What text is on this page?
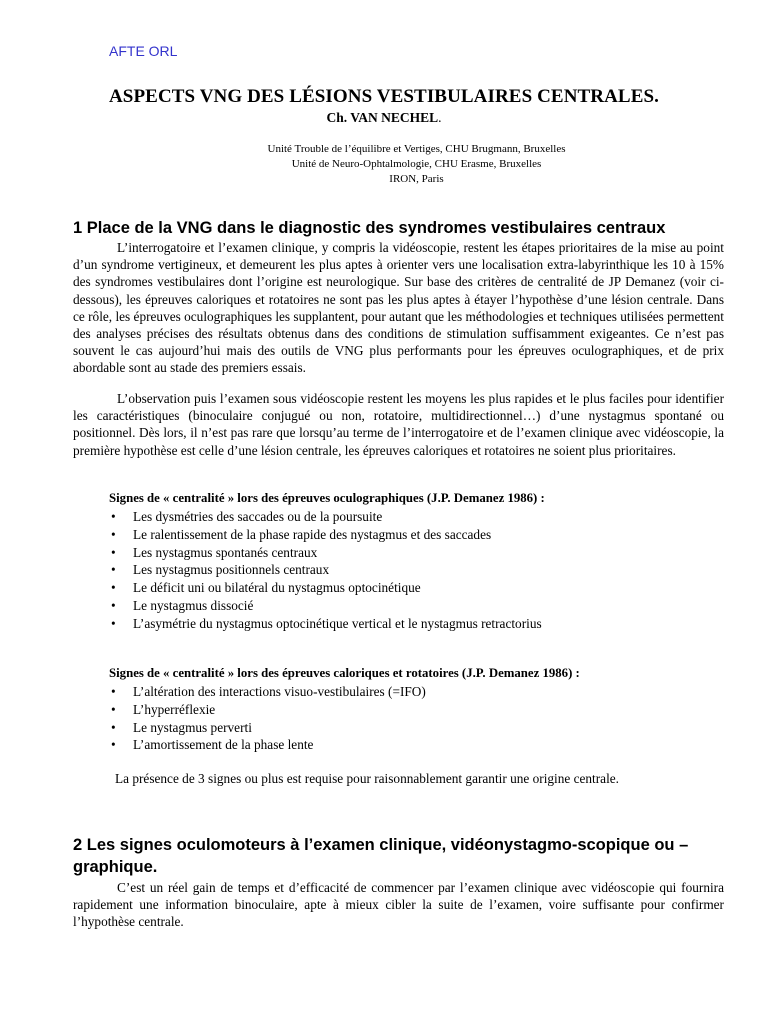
AFTE ORL
ASPECTS VNG DES LÉSIONS VESTIBULAIRES CENTRALES.
Ch. VAN NECHEL.
Unité Trouble de l’équilibre et Vertiges, CHU Brugmann, Bruxelles
Unité de Neuro-Ophtalmologie, CHU Erasme, Bruxelles
IRON, Paris
1 Place de la VNG dans le diagnostic des syndromes vestibulaires centraux

L’interrogatoire et l’examen clinique, y compris la vidéoscopie, restent les étapes prioritaires de la mise au point d’un syndrome vertigineux, et demeurent les plus aptes à orienter vers une localisation extra-labyrinthique les 10 à 15% des syndromes vestibulaires dont l’origine est neurologique. Sur base des critères de centralité de JP Demanez (voir ci-dessous), les épreuves caloriques et rotatoires ne sont pas les plus aptes à étayer l’hypothèse d’une lésion centrale. Dans ce rôle, les épreuves oculographiques les supplantent, pour autant que les méthodologies et techniques utilisées permettent des analyses précises des résultats obtenus dans des conditions de stimulation suffisamment exigeantes. Ce n’est pas souvent le cas aujourd’hui mais des outils de VNG plus performants pour les épreuves oculographiques, et de prix abordable sont au stade des premiers essais.

L’observation puis l’examen sous vidéoscopie restent les moyens les plus rapides et le plus faciles pour identifier les caractéristiques (binoculaire conjugué ou non, rotatoire, multidirectionnel…) d’une nystagmus spontané ou positionnel. Dès lors, il n’est pas rare que lorsqu’au terme de l’interrogatoire et de l’examen clinique avec vidéoscopie, la première hypothèse est celle d’une lésion centrale, les épreuves caloriques et rotatoires ne soient plus prioritaires.

Signes de « centralité » lors des épreuves oculographiques (J.P. Demanez 1986) :
• Les dysmétries des saccades ou de la poursuite
• Le ralentissement de la phase rapide des nystagmus et des saccades
• Les nystagmus spontanés centraux
• Les nystagmus positionnels centraux
• Le déficit uni ou bilatéral du nystagmus optocinétique
• Le nystagmus dissocié
• L’asymétrie du nystagmus optocinétique vertical et le nystagmus retractorius
Signes de « centralité » lors des épreuves caloriques et rotatoires (J.P. Demanez 1986) :
• L’altération des interactions visuo-vestibulaires (=IFO)
• L’hyperréflexie
• Le nystagmus perverti
• L’amortissement de la phase lente
La présence de 3 signes ou plus est requise pour raisonnablement garantir une origine centrale.
2 Les signes oculomoteurs à l’examen clinique, vidéonystagmo-scopique ou –graphique.

C’est un réel gain de temps et d’efficacité de commencer par l’examen clinique avec vidéoscopie qui fournira rapidement une information binoculaire, apte à mieux cibler la suite de l’examen, voire suffisante pour confirmer l’hypothèse centrale.
